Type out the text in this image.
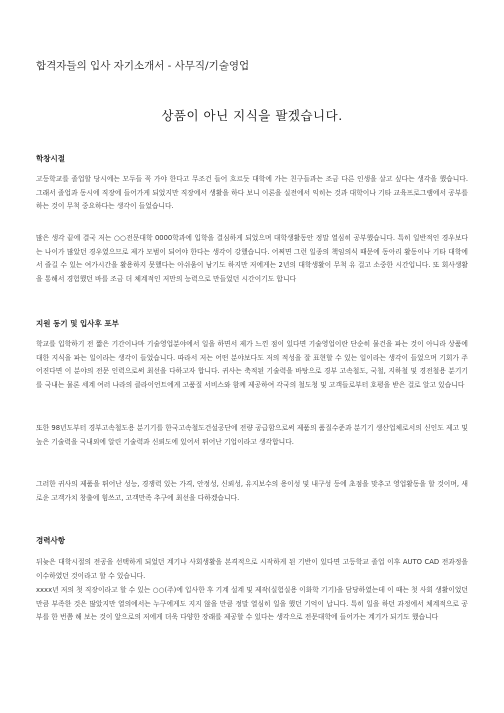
합격자들의 입사 자기소개서 - 사무직/기술영업
상품이 아닌 지식을 팔겠습니다.
학창시절

고등학교를 졸업할 당시에는 모두들 꼭 가야 한다고 무조건 들어 흐르듯 대학에 가는 친구들과는 조금 다른 인생을 살고 싶다는 생각을 했습니다. 그래서 졸업과 동시에 직장에 들어가게 되었지만 직장에서 생활을 하다 보니 이론을 실전에서 익히는 것과 대학이나 기타 교육프로그램에서 공부를 하는 것이 무척 중요하다는 생각이 들었습니다.

많은 생각 끝에 결국 저는 ○○전문대학 0000학과에 입학을 결심하게 되었으며 대학생활동안 정말 열심히 공부했습니다. 특히 일반적인 경우보다는 나이가 많았던 경우였으므로 제가 모범이 되어야 한다는 생각이 강했습니다. 어쩌면 그런 일종의 책임의식 때문에 동아리 활동이나 기타 대학에서 즐길 수 있는 여가시간을 활용하지 못했다는 아쉬움이 남기도 하지만 저에게는 2년의 대학생활이 무척 유 걸고 소중한 시간입니다. 또 회사생활을 통해서 경험했던 바를 조금 더 체계적인 저만의 능력으로 만들었던 시간이기도 합니다

지원 동기 및 입사후 포부

학교를 입학하기 전 짧은 기간이나마 기술영업분야에서 일을 하면서 제가 느낀 점이 있다면 기술영업이란 단순히 물건을 파는 것이 아니라 상품에 대한 지식을 파는 일이라는 생각이 들었습니다. 따라서 저는 어떤 분야보다도 저의 적성을 잘 표현할 수 있는 일이라는 생각이 들었으며 기회가 주어진다면 이 분야의 전문 인력으로써 최선을 다하고자 합니다. 귀사는 축적된 기술력을 바탕으로 경부 고속철도, 국철, 지하철 및 경전철용 분기기를 국내는 물론 세계 여러 나라의 클라이언트에게 고품질 서비스와 함께 제공하여 각국의 철도청 및 고객들로부터 호평을 받은 걸로 알고 있습니다

또한 98년도부터 경부고속철도용 분기기를 한국고속철도건설공단에 전량 공급함으로써 제품의 품질수준과 분기기 생산업체로서의 신인도 제고 및 높은 기술력을 국내외에 알린 기술력과 신뢰도에 있어서 뛰어난 기업이라고 생각합니다.

그러한 귀사의 제품을 뛰어난 성능, 경쟁력 있는 가격, 안정성, 신뢰성, 유지보수의 용이성 및 내구성 등에 초점을 맞추고 영업활동을 할 것이며, 새로운 고객가치 창출에 힘쓰고, 고객만족 추구에 최선을 다하겠습니다.

경력사항

뒤늦은 대학시절의 전공을 선택하게 되었던 계기나 사회생활을 본격적으로 시작하게 된 기반이 있다면 고등학교 졸업 이후 AUTO CAD 전과정을 이수하였던 것이라고 할 수 있습니다.

xxxx년 저의 첫 직장이라고 할 수 있는 ○○(주)에 입사한 후 기계 설계 및 제작(실험실용 이화학 기기)을 담당하였는데 이 때는 첫 사회 생활이었던 만큼 부족한 것은 많았지만 열의에서는 누구에게도 지지 않을 만큼 정말 열심히 일을 했던 기억이 납니다. 특히 일을 하던 과정에서 체계적으로 공부를 한 번쯤 해 보는 것이 앞으로의 저에게 더욱 다양한 장래를 제공할 수 있다는 생각으로 전문대학에 들어가는 계기가 되기도 했습니다
